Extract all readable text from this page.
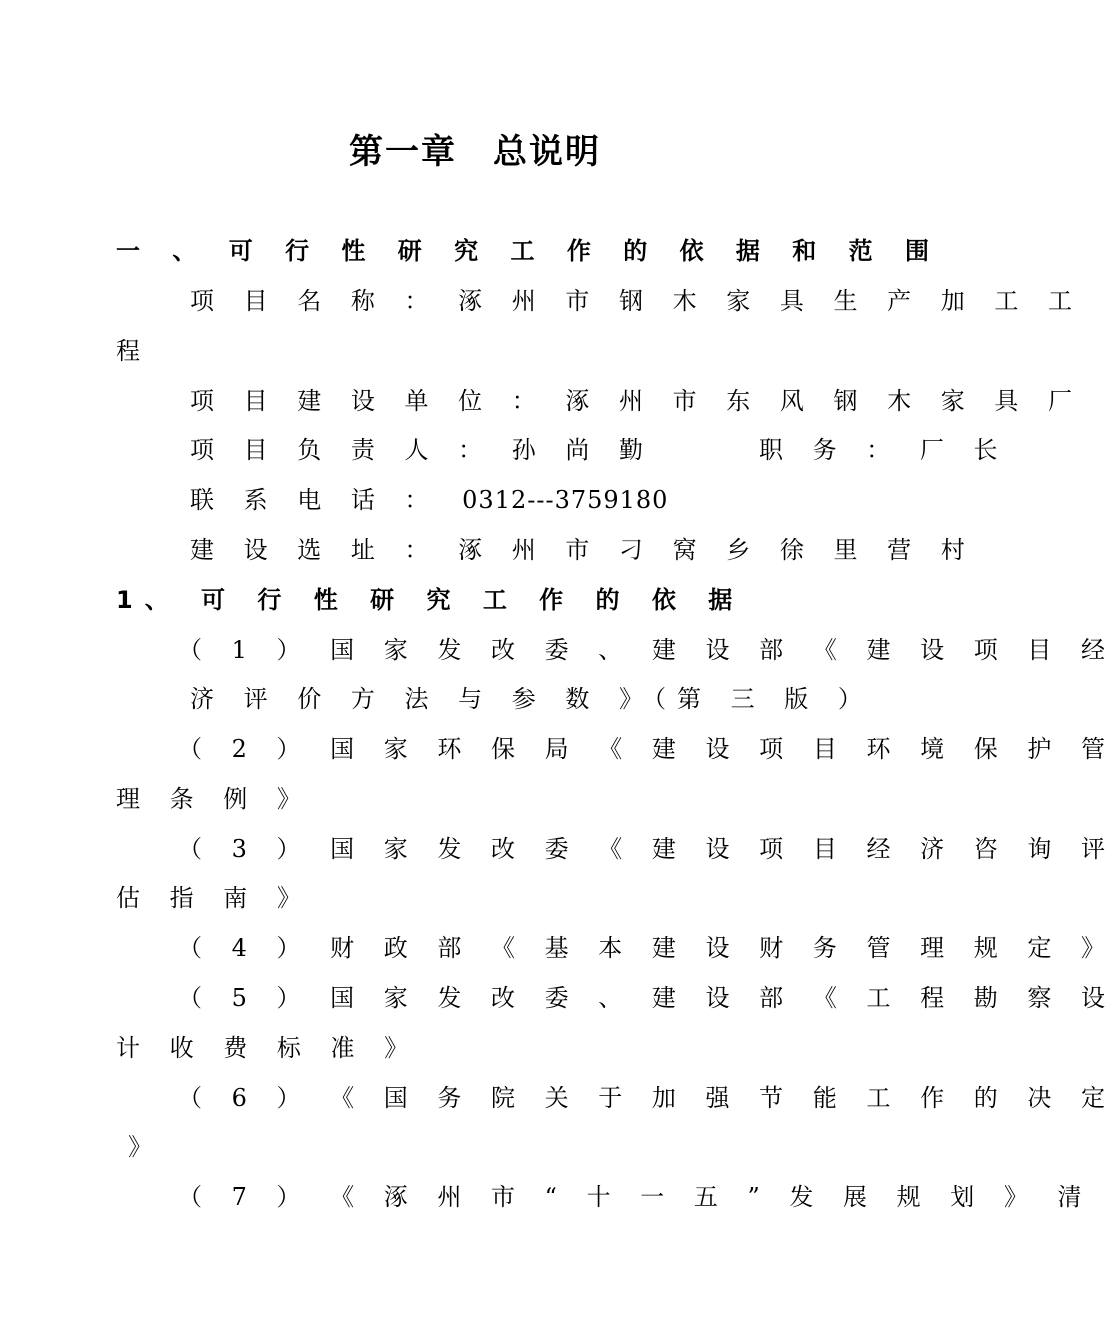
第一章　总说明
一 、 可 行 性 研 究 工 作 的 依 据 和 范 围
项 目 名 称 ： 涿 州 市 钢 木 家 具 生 产 加 工 工
程
项 目 建 设 单 位 ： 涿 州 市 东 风 钢 木 家 具 厂
项 目 负 责 人 ： 孙 尚 勤　　　职 务 ： 厂 长
联 系 电 话 ： 0312---3759180
建 设 选 址 ： 涿 州 市 刁 窝 乡 徐 里 营 村
1、 可 行 性 研 究 工 作 的 依 据
（ 1 ） 国 家 发 改 委 、 建 设 部 《 建 设 项 目 经
济 评 价 方 法 与 参 数 》（第 三 版 ）
（ 2 ） 国 家 环 保 局 《 建 设 项 目 环 境 保 护 管
理 条 例 》
（ 3 ） 国 家 发 改 委 《 建 设 项 目 经 济 咨 询 评
估 指 南 》
（ 4 ） 财 政 部 《 基 本 建 设 财 务 管 理 规 定 》
（ 5 ） 国 家 发 改 委 、 建 设 部 《 工 程 勘 察 设
计 收 费 标 准 》
（ 6 ） 《 国 务 院 关 于 加 强 节 能 工 作 的 决 定
》
（ 7 ） 《 涿 州 市 “ 十 一 五 ” 发 展 规 划 》 清
